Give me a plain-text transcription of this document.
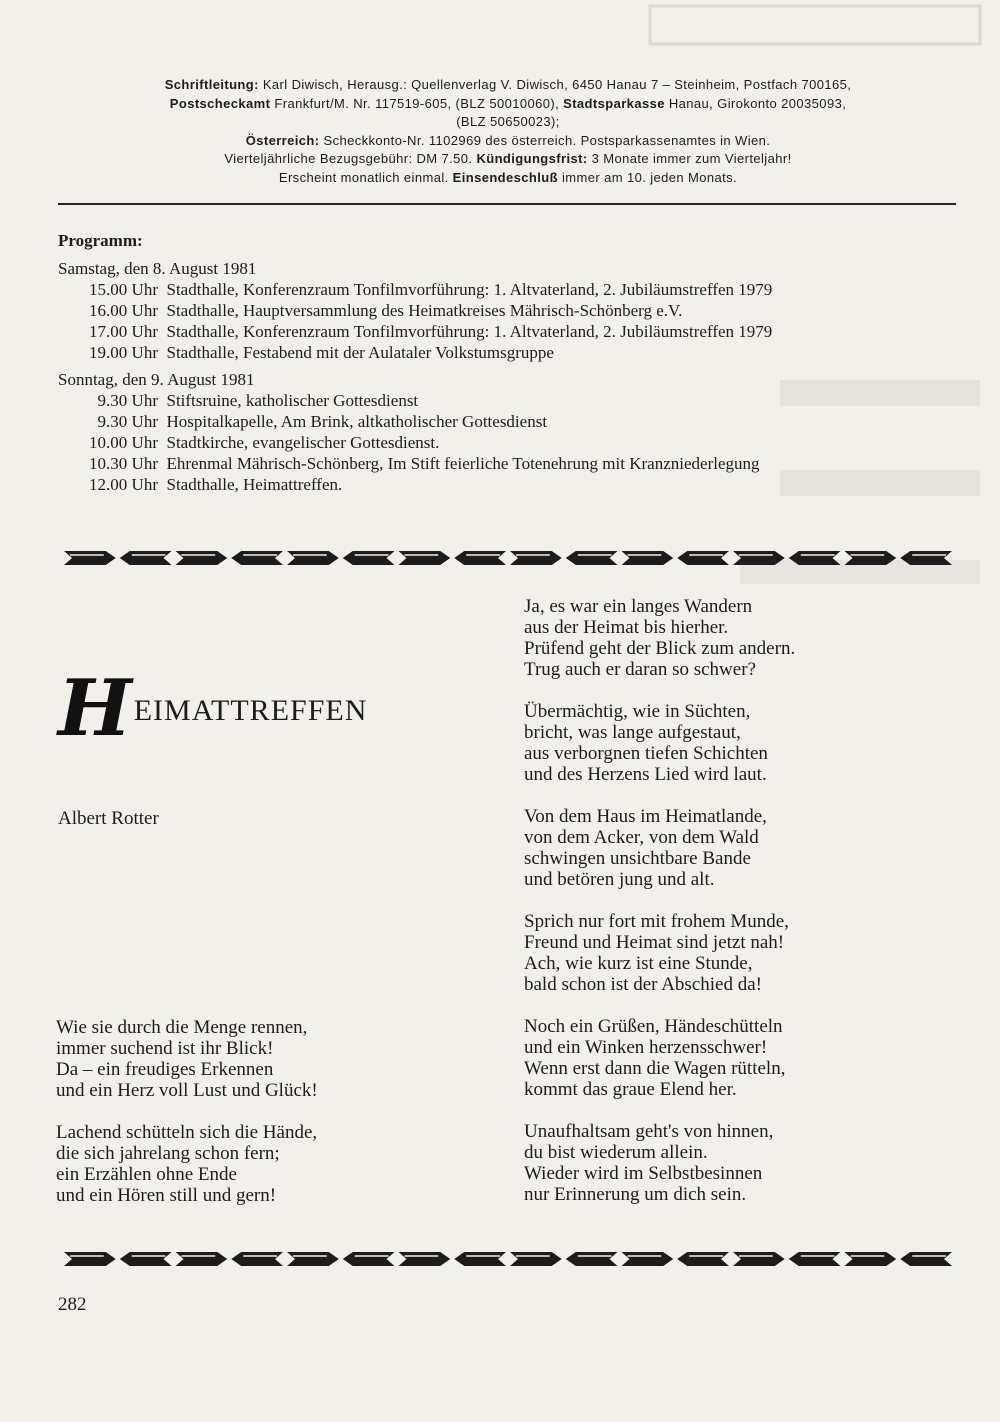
Schriftleitung: Karl Diwisch, Herausg.: Quellenverlag V. Diwisch, 6450 Hanau 7 – Steinheim, Postfach 700165,
Postscheckamt Frankfurt/M. Nr. 117519-605, (BLZ 50010060), Stadtsparkasse Hanau, Girokonto 20035093,
(BLZ 50650023);
Österreich: Scheckkonto-Nr. 1102969 des österreich. Postsparkassenamtes in Wien.
Vierteljährliche Bezugsgebühr: DM 7.50. Kündigungsfrist: 3 Monate immer zum Vierteljahr!
Erscheint monatlich einmal. Einsendeschluß immer am 10. jeden Monats.
Programm:
Samstag, den 8. August 1981
15.00 Uhr
Stadthalle, Konferenzraum Tonfilmvorführung: 1. Altvaterland, 2. Jubiläumstreffen 1979
16.00 Uhr
Stadthalle, Hauptversammlung des Heimatkreises Mährisch-Schönberg e.V.
17.00 Uhr
Stadthalle, Konferenzraum Tonfilmvorführung: 1. Altvaterland, 2. Jubiläumstreffen 1979
19.00 Uhr
Stadthalle, Festabend mit der Aulataler Volkstumsgruppe
Sonntag, den 9. August 1981
9.30 Uhr
Stiftsruine, katholischer Gottesdienst
9.30 Uhr
Hospitalkapelle, Am Brink, altkatholischer Gottesdienst
10.00 Uhr
Stadtkirche, evangelischer Gottesdienst.
10.30 Uhr
Ehrenmal Mährisch-Schönberg, Im Stift feierliche Totenehrung mit Kranzniederlegung
12.00 Uhr
Stadthalle, Heimattreffen.
H EIMATTREFFEN
Albert Rotter
Ja, es war ein langes Wandern
aus der Heimat bis hierher.
Prüfend geht der Blick zum andern.
Trug auch er daran so schwer?
Übermächtig, wie in Süchten,
bricht, was lange aufgestaut,
aus verborgnen tiefen Schichten
und des Herzens Lied wird laut.
Von dem Haus im Heimatlande,
von dem Acker, von dem Wald
schwingen unsichtbare Bande
und betören jung und alt.
Sprich nur fort mit frohem Munde,
Freund und Heimat sind jetzt nah!
Ach, wie kurz ist eine Stunde,
bald schon ist der Abschied da!
Noch ein Grüßen, Händeschütteln
und ein Winken herzensschwer!
Wenn erst dann die Wagen rütteln,
kommt das graue Elend her.
Unaufhaltsam geht's von hinnen,
du bist wiederum allein.
Wieder wird im Selbstbesinnen
nur Erinnerung um dich sein.
Wie sie durch die Menge rennen,
immer suchend ist ihr Blick!
Da – ein freudiges Erkennen
und ein Herz voll Lust und Glück!
Lachend schütteln sich die Hände,
die sich jahrelang schon fern;
ein Erzählen ohne Ende
und ein Hören still und gern!
282
